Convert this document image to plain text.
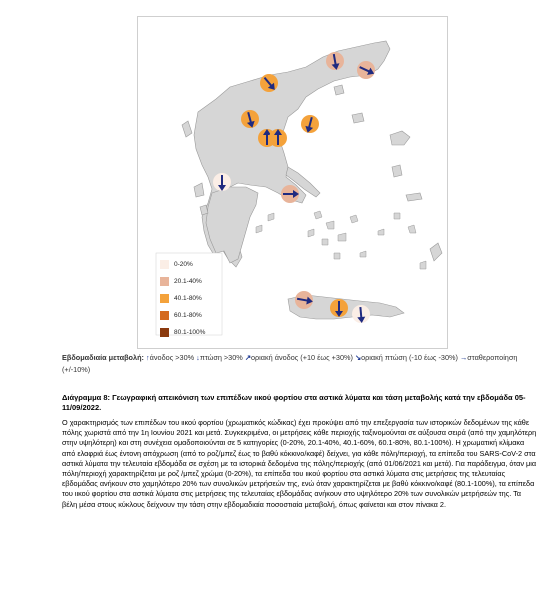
0-20%
20.1-40%
40.1-80%
60.1-80%
80.1-100%
Εβδομαδιαία μεταβολή: ↑άνοδος >30% ↓πτώση >30% ↗οριακή άνοδος (+10 έως +30%) ↘οριακή πτώση (-10 έως -30%) →σταθεροποίηση (+/-10%)
Διάγραμμα 8: Γεωγραφική απεικόνιση των επιπέδων ιικού φορτίου στα αστικά λύματα και τάση μεταβολής κατά την εβδομάδα 05-11/09/2022.

Ο χαρακτηρισμός των επιπέδων του ιικού φορτίου (χρωματικός κώδικας) έχει προκύψει από την επεξεργασία των ιστορικών δεδομένων της κάθε πόλης χωριστά από την 1η Ιουνίου 2021 και μετά. Συγκεκριμένα, οι μετρήσεις κάθε περιοχής ταξινομούνται σε αύξουσα σειρά (από την χαμηλότερη στην υψηλότερη) και στη συνέχεια ομαδοποιούνται σε 5 κατηγορίες (0-20%, 20.1-40%, 40.1-60%, 60.1-80%, 80.1-100%). Η χρωματική κλίμακα από ελαφριά έως έντονη απόχρωση (από το ροζ/μπεζ έως το βαθύ κόκκινο/καφέ) δείχνει, για κάθε πόλη/περιοχή, τα επίπεδα του SARS-CoV-2 στα αστικά λύματα την τελευταία εβδομάδα σε σχέση με τα ιστορικά δεδομένα της πόλης/περιοχής (από 01/06/2021 και μετά). Για παράδειγμα, όταν μια πόλη/περιοχή χαρακτηρίζεται με ροζ /μπεζ χρώμα (0-20%), τα επίπεδα του ιικού φορτίου στα αστικά λύματα στις μετρήσεις της τελευταίας εβδομάδας ανήκουν στο χαμηλότερο 20% των συνολικών μετρήσεών της, ενώ όταν χαρακτηρίζεται με βαθύ κόκκινο/καφέ (80.1-100%), τα επίπεδα του ιικού φορτίου στα αστικά λύματα στις μετρήσεις της τελευταίας εβδομάδας ανήκουν στο υψηλότερο 20% των συνολικών μετρήσεών της. Τα βέλη μέσα στους κύκλους δείχνουν την τάση στην εβδομαδιαία ποσοστιαία μεταβολή, όπως φαίνεται και στον πίνακα 2.
